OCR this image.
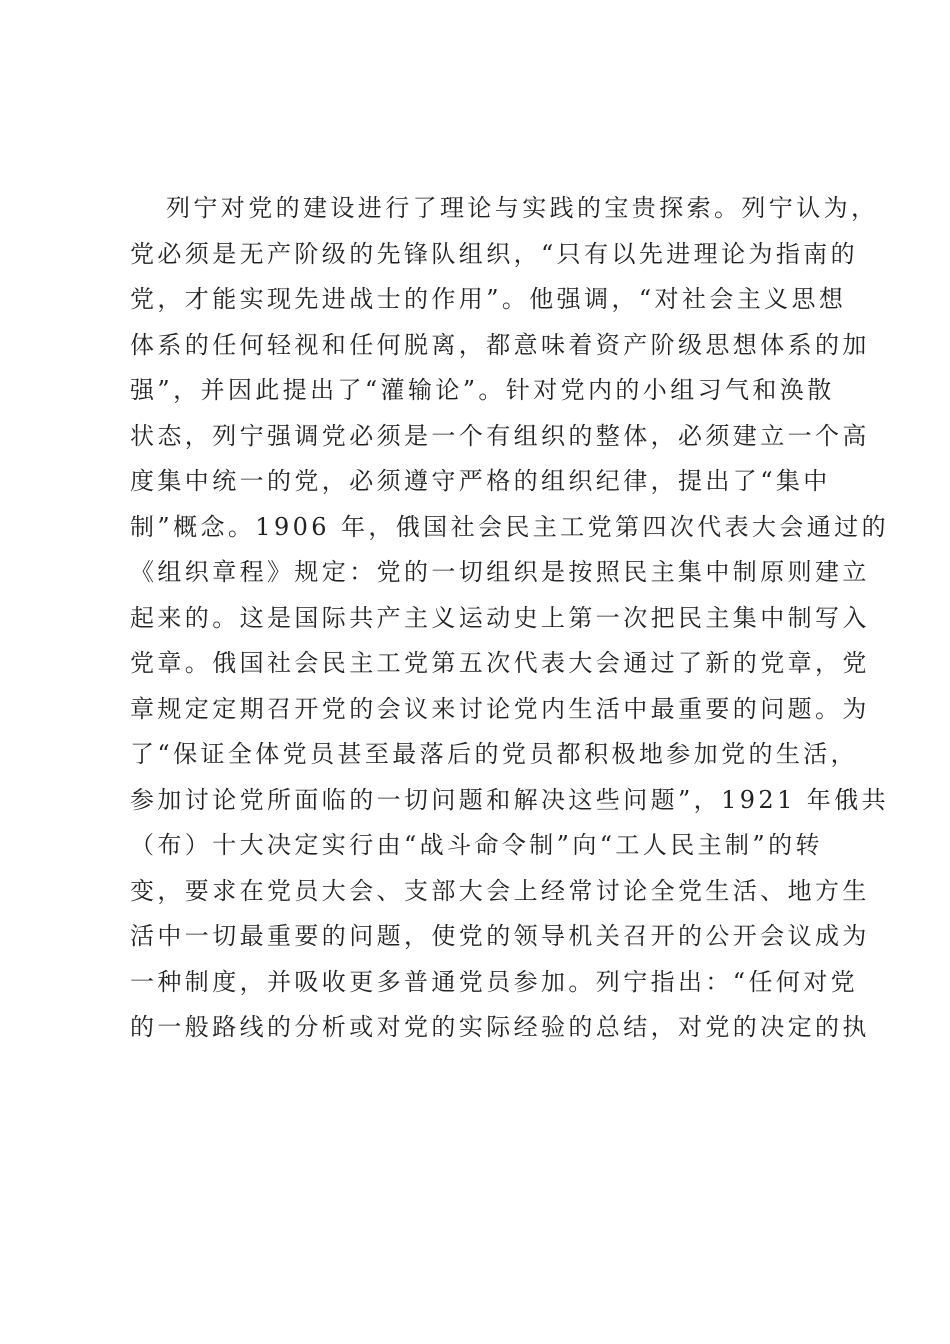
列宁对党的建设进行了理论与实践的宝贵探索。列宁认为，
党必须是无产阶级的先锋队组织，“只有以先进理论为指南的
党，才能实现先进战士的作用”。他强调，“对社会主义思想
体系的任何轻视和任何脱离，都意味着资产阶级思想体系的加
强”，并因此提出了“灌输论”。针对党内的小组习气和涣散
状态，列宁强调党必须是一个有组织的整体，必须建立一个高
度集中统一的党，必须遵守严格的组织纪律，提出了“集中
制”概念。1906 年，俄国社会民主工党第四次代表大会通过的
《组织章程》规定：党的一切组织是按照民主集中制原则建立
起来的。这是国际共产主义运动史上第一次把民主集中制写入
党章。俄国社会民主工党第五次代表大会通过了新的党章，党
章规定定期召开党的会议来讨论党内生活中最重要的问题。为
了“保证全体党员甚至最落后的党员都积极地参加党的生活，
参加讨论党所面临的一切问题和解决这些问题”，1921 年俄共
（布）十大决定实行由“战斗命令制”向“工人民主制”的转
变，要求在党员大会、支部大会上经常讨论全党生活、地方生
活中一切最重要的问题，使党的领导机关召开的公开会议成为
一种制度，并吸收更多普通党员参加。列宁指出：“任何对党
的一般路线的分析或对党的实际经验的总结，对党的决定的执
